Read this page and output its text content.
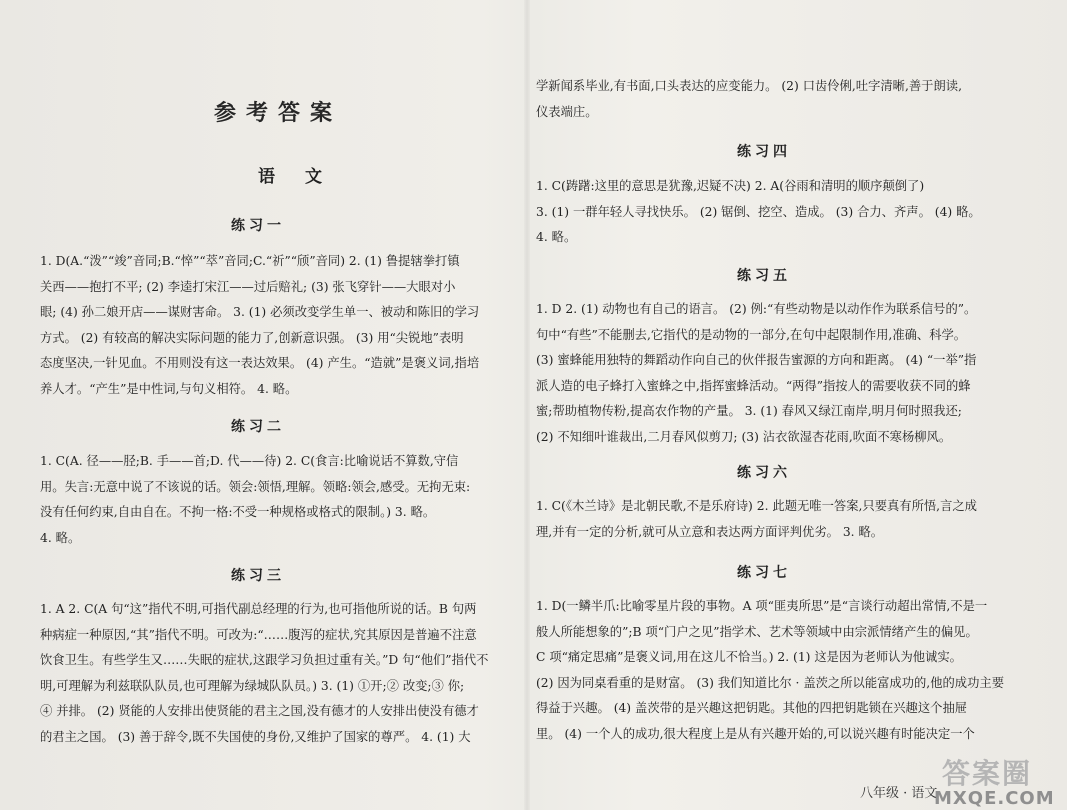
参考答案
语文
练习一
1. D(A.“泼”“竣”音同;B.“悴”“萃”音同;C.“祈”“颀”音同) 2. (1) 鲁提辖拳打镇
关西——抱打不平; (2) 李逵打宋江——过后赔礼; (3) 张飞穿针——大眼对小
眼; (4) 孙二娘开店——谋财害命。 3. (1) 必须改变学生单一、被动和陈旧的学习
方式。 (2) 有较高的解决实际问题的能力了,创新意识强。 (3) 用“尖锐地”表明
态度坚决,一针见血。不用则没有这一表达效果。 (4) 产生。“造就”是褒义词,指培
养人才。“产生”是中性词,与句义相符。 4. 略。
练习二
1. C(A. 径——胫;B. 手——首;D. 代——待) 2. C(食言:比喻说话不算数,守信
用。失言:无意中说了不该说的话。领会:领悟,理解。领略:领会,感受。无拘无束:
没有任何约束,自由自在。不拘一格:不受一种规格或格式的限制。) 3. 略。
4. 略。
练习三
1. A 2. C(A 句“这”指代不明,可指代副总经理的行为,也可指他所说的话。B 句两
种病症一种原因,“其”指代不明。可改为:“……腹泻的症状,究其原因是普遍不注意
饮食卫生。有些学生又……失眠的症状,这跟学习负担过重有关。”D 句“他们”指代不
明,可理解为利兹联队队员,也可理解为绿城队队员。) 3. (1) ①开;② 改变;③ 你;
④ 并排。 (2) 贤能的人安排出使贤能的君主之国,没有德才的人安排出使没有德才
的君主之国。 (3) 善于辞令,既不失国使的身份,又维护了国家的尊严。 4. (1) 大
学新闻系毕业,有书面,口头表达的应变能力。 (2) 口齿伶俐,吐字清晰,善于朗读,
仪表端庄。
练习四
1. C(踌躇:这里的意思是犹豫,迟疑不决) 2. A(谷雨和清明的顺序颠倒了)
3. (1) 一群年轻人寻找快乐。 (2) 锯倒、挖空、造成。 (3) 合力、齐声。 (4) 略。
4. 略。
练习五
1. D 2. (1) 动物也有自己的语言。 (2) 例:“有些动物是以动作作为联系信号的”。
句中“有些”不能删去,它指代的是动物的一部分,在句中起限制作用,准确、科学。
(3) 蜜蜂能用独特的舞蹈动作向自己的伙伴报告蜜源的方向和距离。 (4) “一举”指
派人造的电子蜂打入蜜蜂之中,指挥蜜蜂活动。“两得”指按人的需要收获不同的蜂
蜜;帮助植物传粉,提高农作物的产量。 3. (1) 春风又绿江南岸,明月何时照我还;
(2) 不知细叶谁裁出,二月春风似剪刀; (3) 沾衣欲湿杏花雨,吹面不寒杨柳风。
练习六
1. C(《木兰诗》是北朝民歌,不是乐府诗) 2. 此题无唯一答案,只要真有所悟,言之成
理,并有一定的分析,就可从立意和表达两方面评判优劣。 3. 略。
练习七
1. D(一鳞半爪:比喻零星片段的事物。A 项“匪夷所思”是“言谈行动超出常情,不是一
般人所能想象的”;B 项“门户之见”指学术、艺术等领域中由宗派情绪产生的偏见。
C 项“痛定思痛”是褒义词,用在这儿不恰当。) 2. (1) 这是因为老师认为他诚实。
(2) 因为同桌看重的是财富。 (3) 我们知道比尔 · 盖茨之所以能富成功的,他的成功主要
得益于兴趣。 (4) 盖茨带的是兴趣这把钥匙。其他的四把钥匙锁在兴趣这个抽屉
里。 (4) 一个人的成功,很大程度上是从有兴趣开始的,可以说兴趣有时能决定一个
八年级 · 语文
答案圈
MXQE.COM
